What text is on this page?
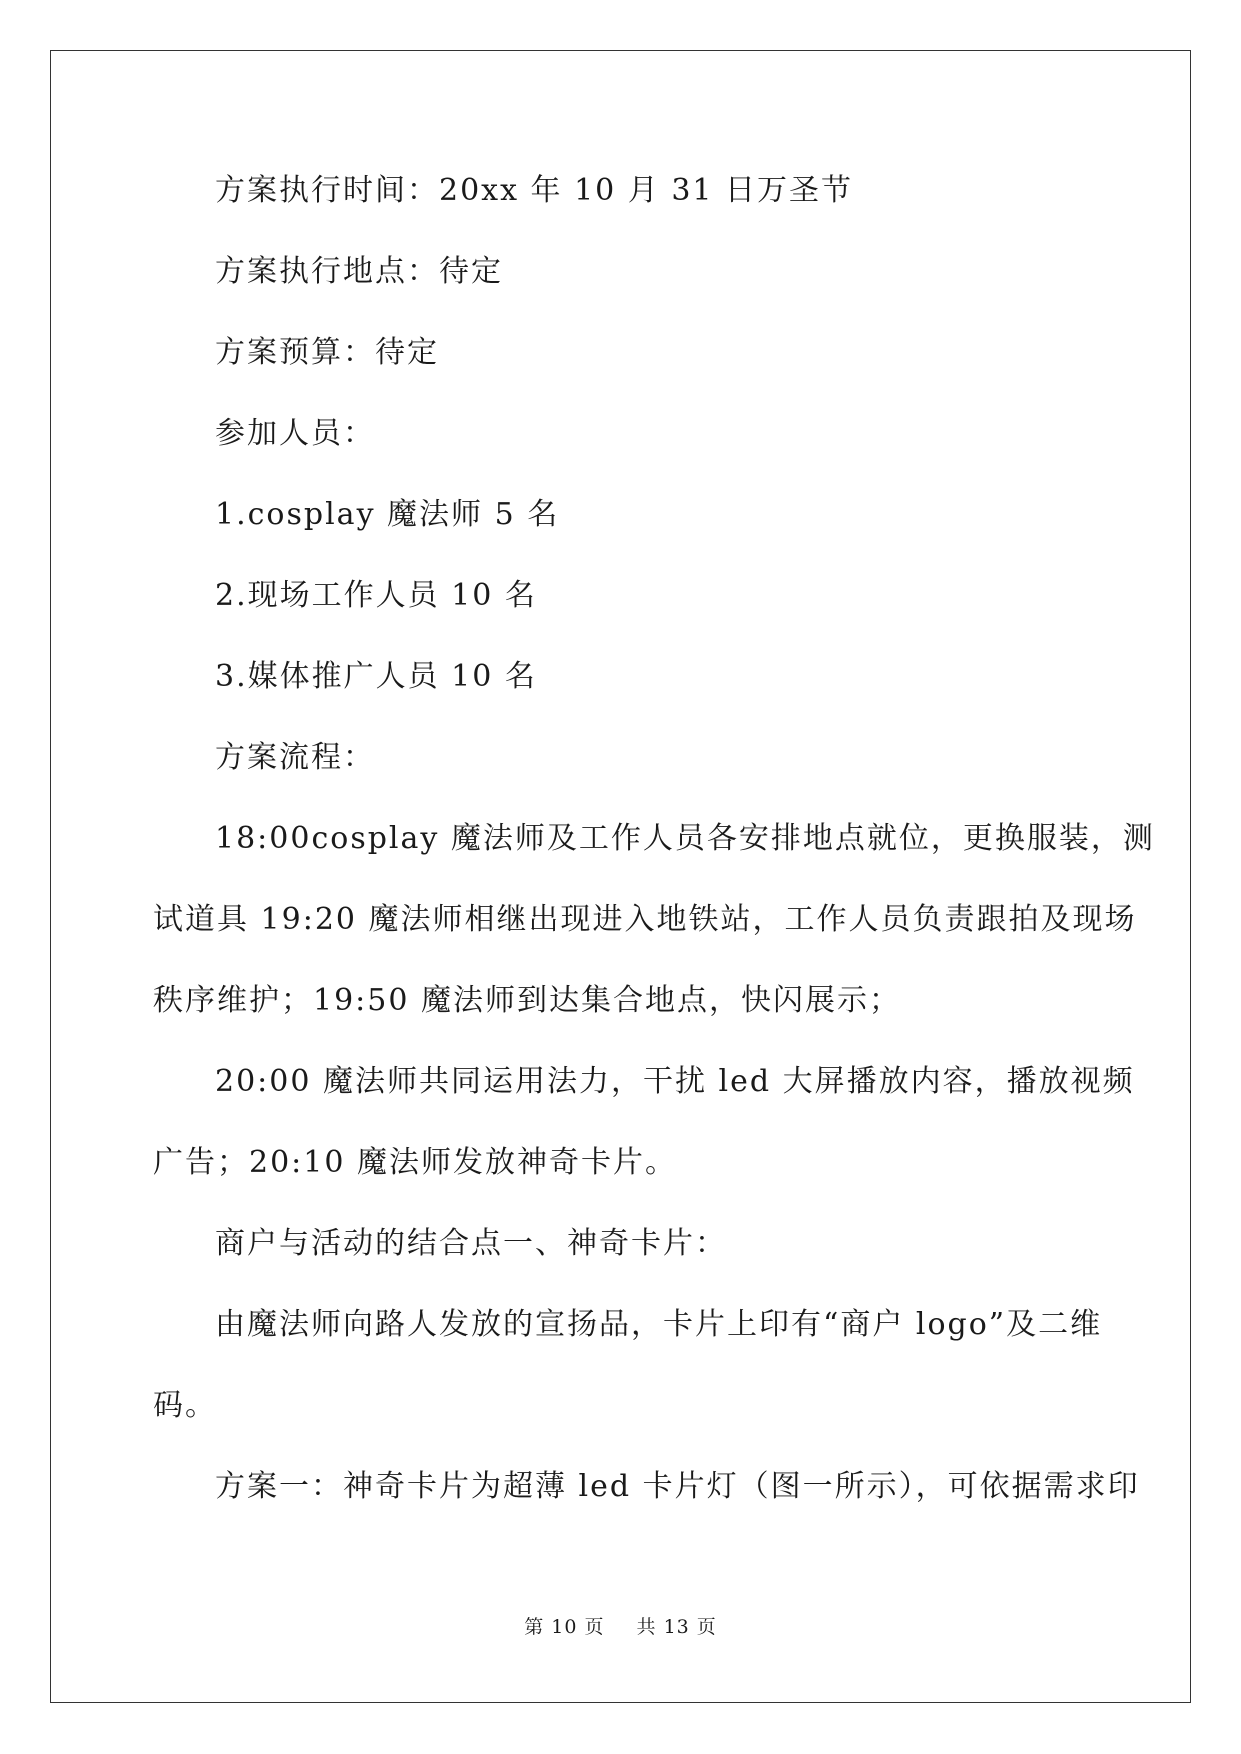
方案执行时间：20xx 年 10 月 31 日万圣节
方案执行地点：待定
方案预算：待定
参加人员：
1.cosplay 魔法师 5 名
2.现场工作人员 10 名
3.媒体推广人员 10 名
方案流程：
18:00cosplay 魔法师及工作人员各安排地点就位，更换服装，测
试道具 19:20 魔法师相继出现进入地铁站，工作人员负责跟拍及现场
秩序维护；19:50 魔法师到达集合地点，快闪展示；
20:00 魔法师共同运用法力，干扰 led 大屏播放内容，播放视频
广告；20:10 魔法师发放神奇卡片。
商户与活动的结合点一、神奇卡片：
由魔法师向路人发放的宣扬品，卡片上印有“商户 logo”及二维
码。
方案一：神奇卡片为超薄 led 卡片灯（图一所示），可依据需求印
第 10 页 共 13 页
